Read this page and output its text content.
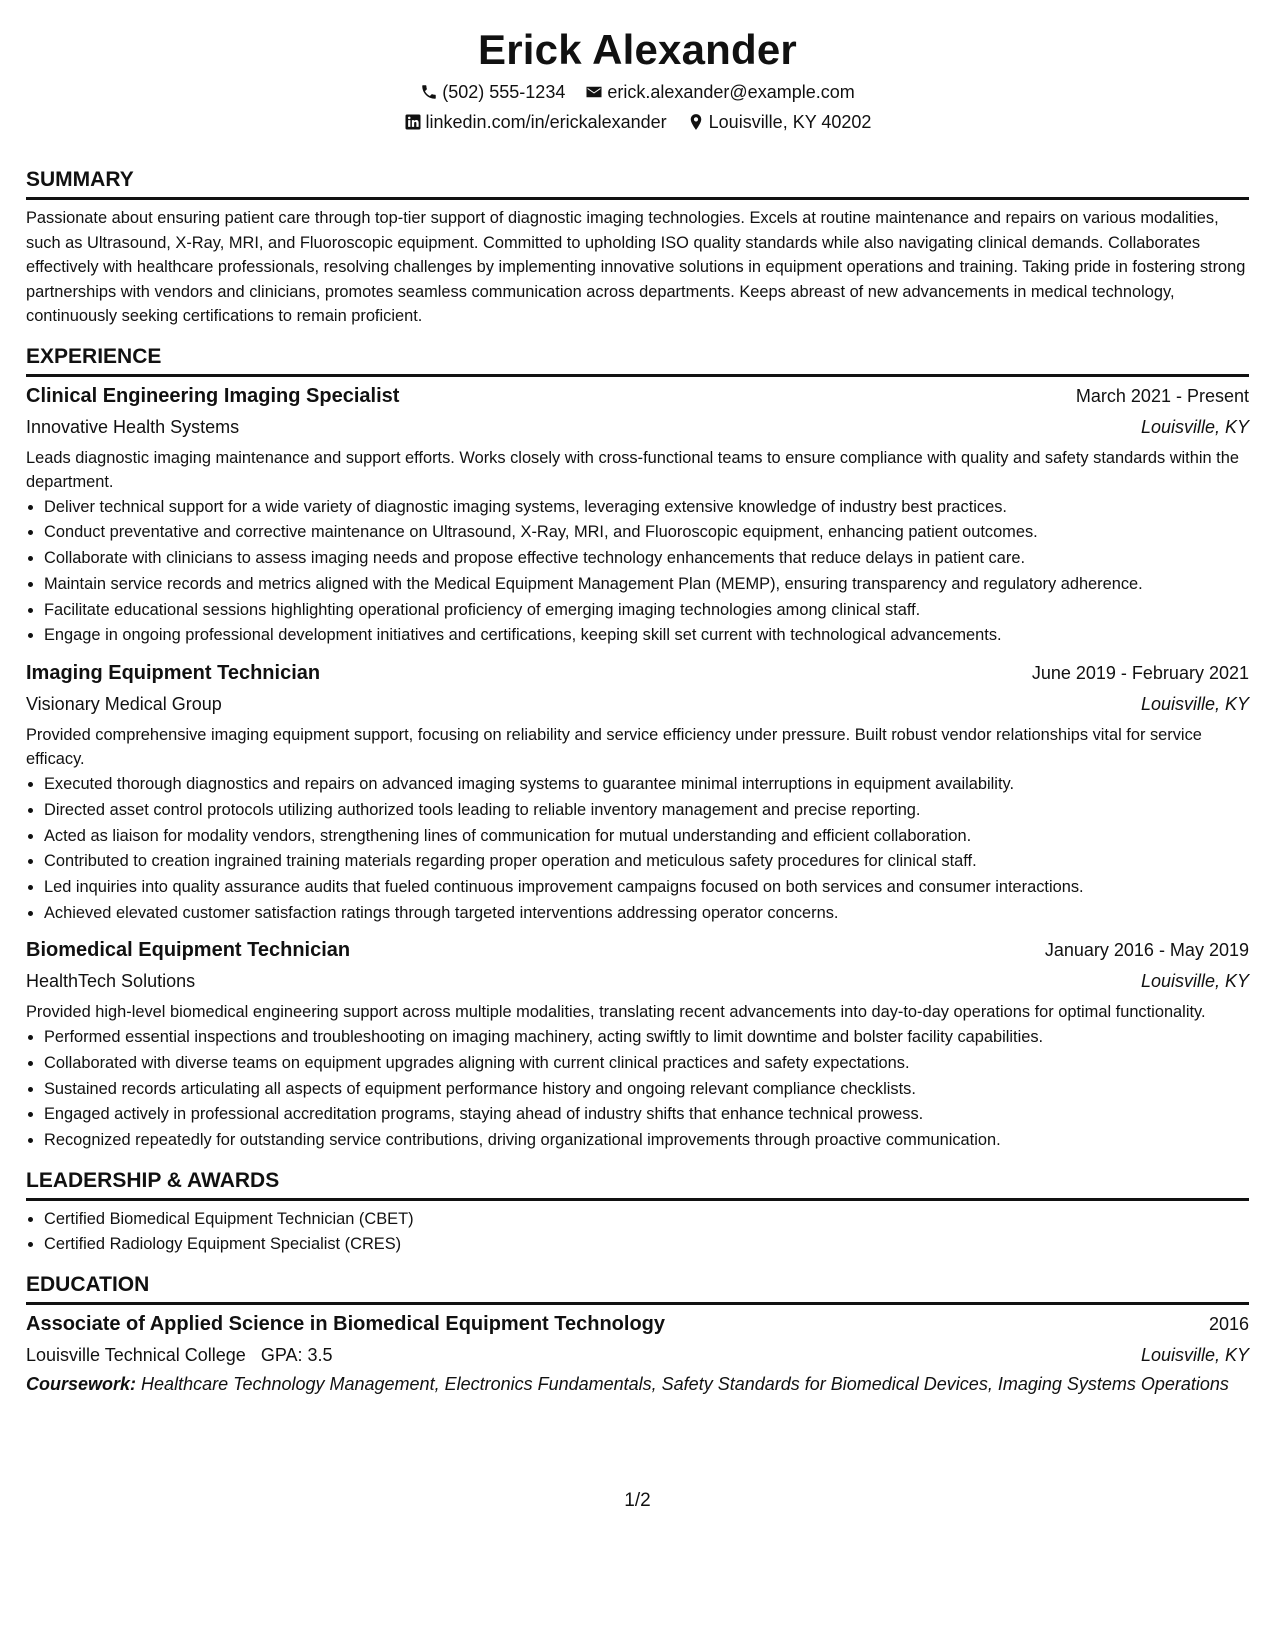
Erick Alexander
(502) 555-1234 erick.alexander@example.com
linkedin.com/in/erickalexander Louisville, KY 40202
SUMMARY

Passionate about ensuring patient care through top-tier support of diagnostic imaging technologies. Excels at routine maintenance and repairs on various modalities, such as Ultrasound, X-Ray, MRI, and Fluoroscopic equipment. Committed to upholding ISO quality standards while also navigating clinical demands. Collaborates effectively with healthcare professionals, resolving challenges by implementing innovative solutions in equipment operations and training. Taking pride in fostering strong partnerships with vendors and clinicians, promotes seamless communication across departments. Keeps abreast of new advancements in medical technology, continuously seeking certifications to remain proficient.

EXPERIENCE
Clinical Engineering Imaging Specialist	March 2021 - Present
Innovative Health Systems	Louisville, KY

Leads diagnostic imaging maintenance and support efforts. Works closely with cross-functional teams to ensure compliance with quality and safety standards within the department.

• Deliver technical support for a wide variety of diagnostic imaging systems, leveraging extensive knowledge of industry best practices.
• Conduct preventative and corrective maintenance on Ultrasound, X-Ray, MRI, and Fluoroscopic equipment, enhancing patient outcomes.
• Collaborate with clinicians to assess imaging needs and propose effective technology enhancements that reduce delays in patient care.
• Maintain service records and metrics aligned with the Medical Equipment Management Plan (MEMP), ensuring transparency and regulatory adherence.
• Facilitate educational sessions highlighting operational proficiency of emerging imaging technologies among clinical staff.
• Engage in ongoing professional development initiatives and certifications, keeping skill set current with technological advancements.
Imaging Equipment Technician	June 2019 - February 2021
Visionary Medical Group	Louisville, KY

Provided comprehensive imaging equipment support, focusing on reliability and service efficiency under pressure. Built robust vendor relationships vital for service efficacy.

• Executed thorough diagnostics and repairs on advanced imaging systems to guarantee minimal interruptions in equipment availability.
• Directed asset control protocols utilizing authorized tools leading to reliable inventory management and precise reporting.
• Acted as liaison for modality vendors, strengthening lines of communication for mutual understanding and efficient collaboration.
• Contributed to creation ingrained training materials regarding proper operation and meticulous safety procedures for clinical staff.
• Led inquiries into quality assurance audits that fueled continuous improvement campaigns focused on both services and consumer interactions.
• Achieved elevated customer satisfaction ratings through targeted interventions addressing operator concerns.
Biomedical Equipment Technician	January 2016 - May 2019
HealthTech Solutions	Louisville, KY

Provided high-level biomedical engineering support across multiple modalities, translating recent advancements into day-to-day operations for optimal functionality.

• Performed essential inspections and troubleshooting on imaging machinery, acting swiftly to limit downtime and bolster facility capabilities.
• Collaborated with diverse teams on equipment upgrades aligning with current clinical practices and safety expectations.
• Sustained records articulating all aspects of equipment performance history and ongoing relevant compliance checklists.
• Engaged actively in professional accreditation programs, staying ahead of industry shifts that enhance technical prowess.
• Recognized repeatedly for outstanding service contributions, driving organizational improvements through proactive communication.
LEADERSHIP & AWARDS
• Certified Biomedical Equipment Technician (CBET)
• Certified Radiology Equipment Specialist (CRES)
EDUCATION
Associate of Applied Science in Biomedical Equipment Technology	2016
Louisville Technical College GPA: 3.5	Louisville, KY

Coursework: Healthcare Technology Management, Electronics Fundamentals, Safety Standards for Biomedical Devices, Imaging Systems Operations

1/2
